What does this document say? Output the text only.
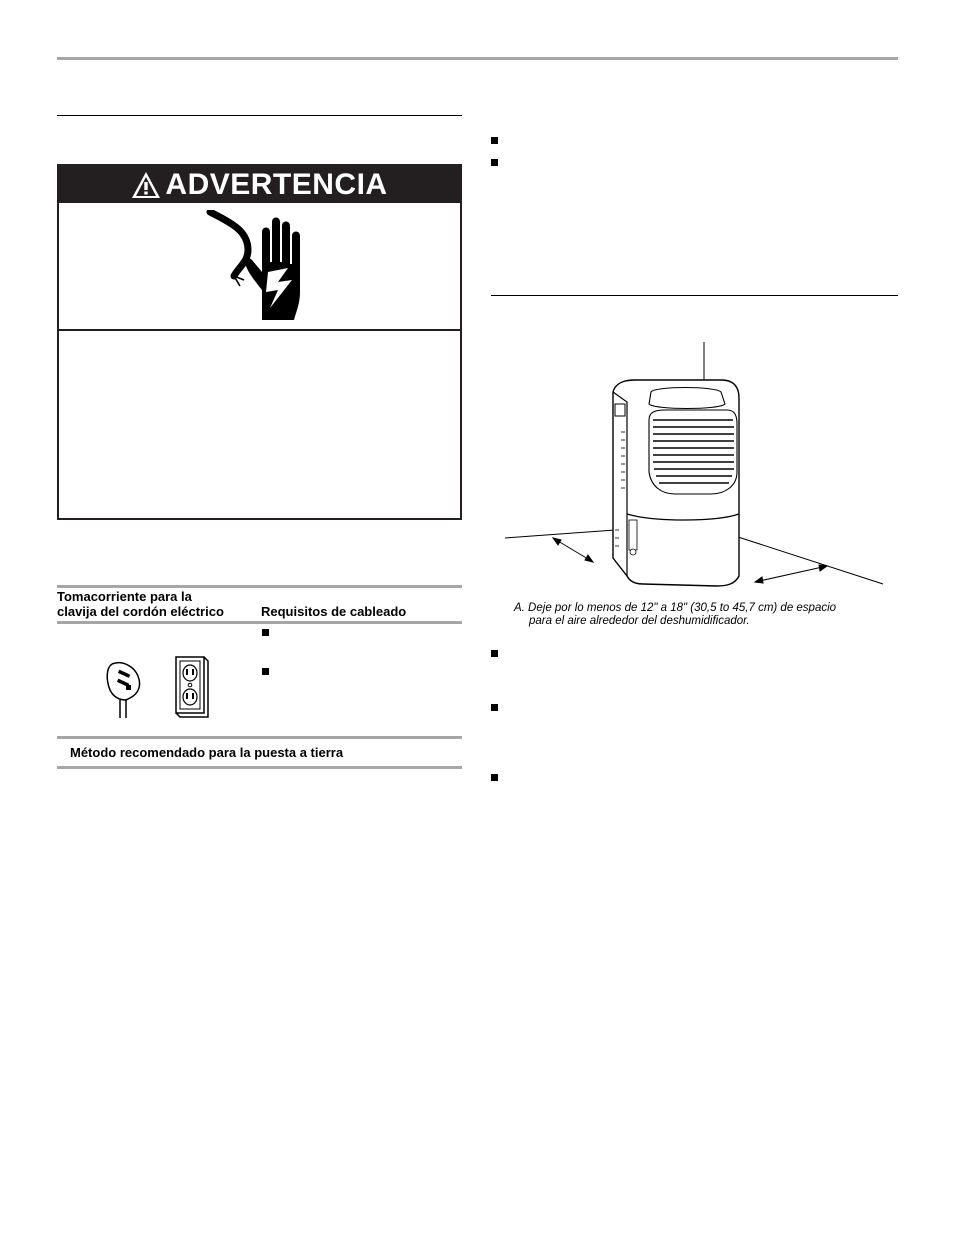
ADVERTENCIA
Tomacorriente para la
clavija del cordón eléctrico	Requisitos de cableado
Método recomendado para la puesta a tierra
A. Deje por lo menos de 12" a 18" (30,5 to 45,7 cm) de espacio
para el aire alrededor del deshumidificador.
